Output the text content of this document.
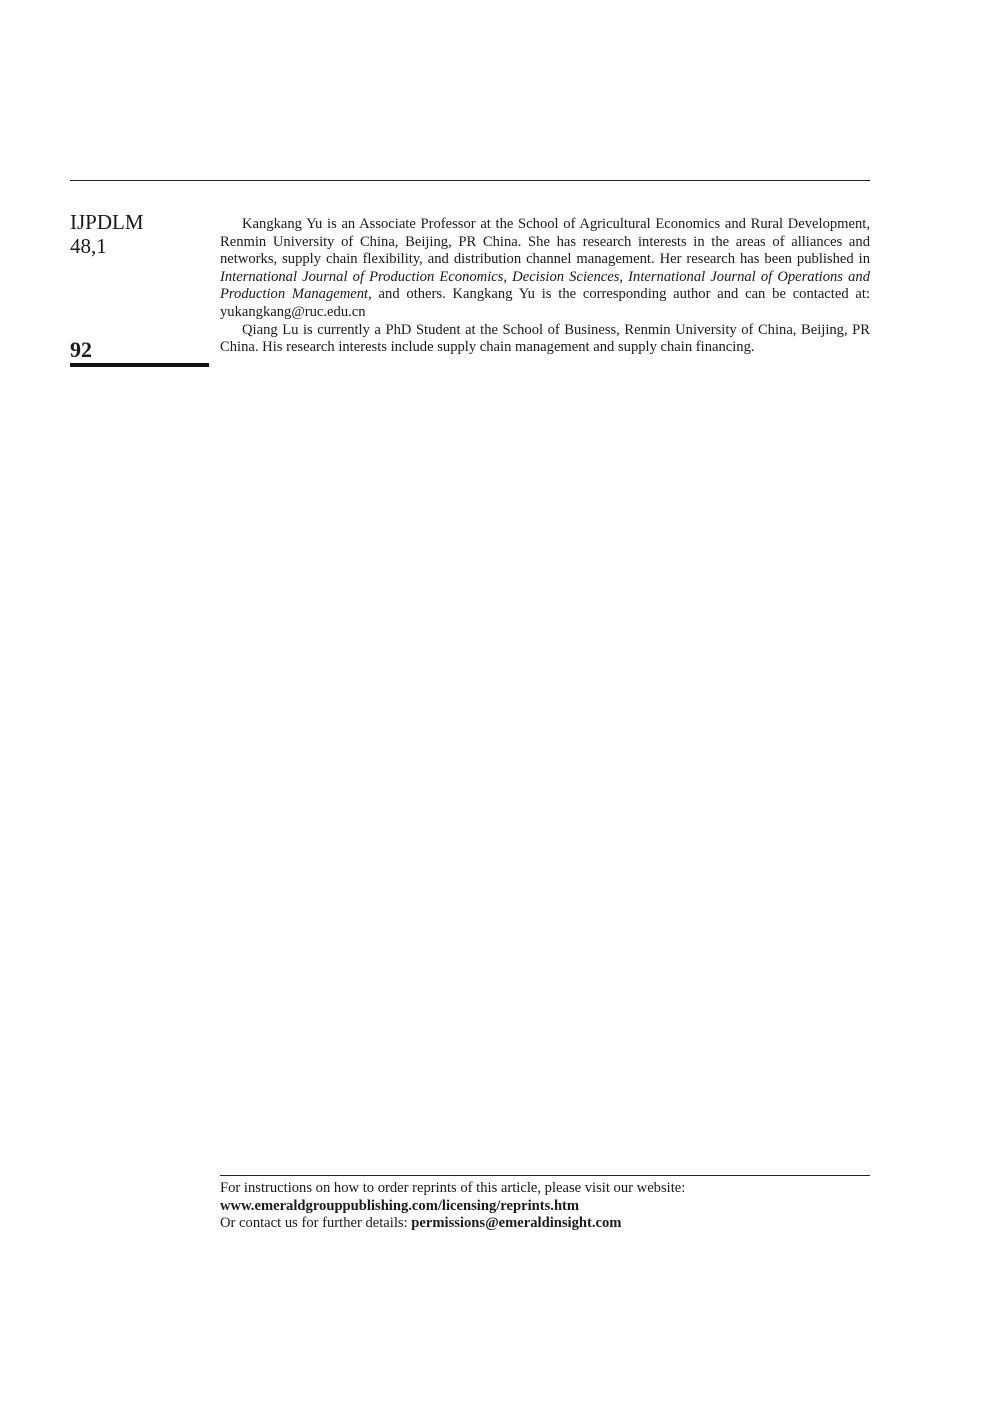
IJPDLM
48,1
92

Kangkang Yu is an Associate Professor at the School of Agricultural Economics and Rural Development, Renmin University of China, Beijing, PR China. She has research interests in the areas of alliances and networks, supply chain flexibility, and distribution channel management. Her research has been published in International Journal of Production Economics, Decision Sciences, International Journal of Operations and Production Management, and others. Kangkang Yu is the corresponding author and can be contacted at: yukangkang@ruc.edu.cn

Qiang Lu is currently a PhD Student at the School of Business, Renmin University of China, Beijing, PR China. His research interests include supply chain management and supply chain financing.

For instructions on how to order reprints of this article, please visit our website:
www.emeraldgrouppublishing.com/licensing/reprints.htm
Or contact us for further details: permissions@emeraldinsight.com
